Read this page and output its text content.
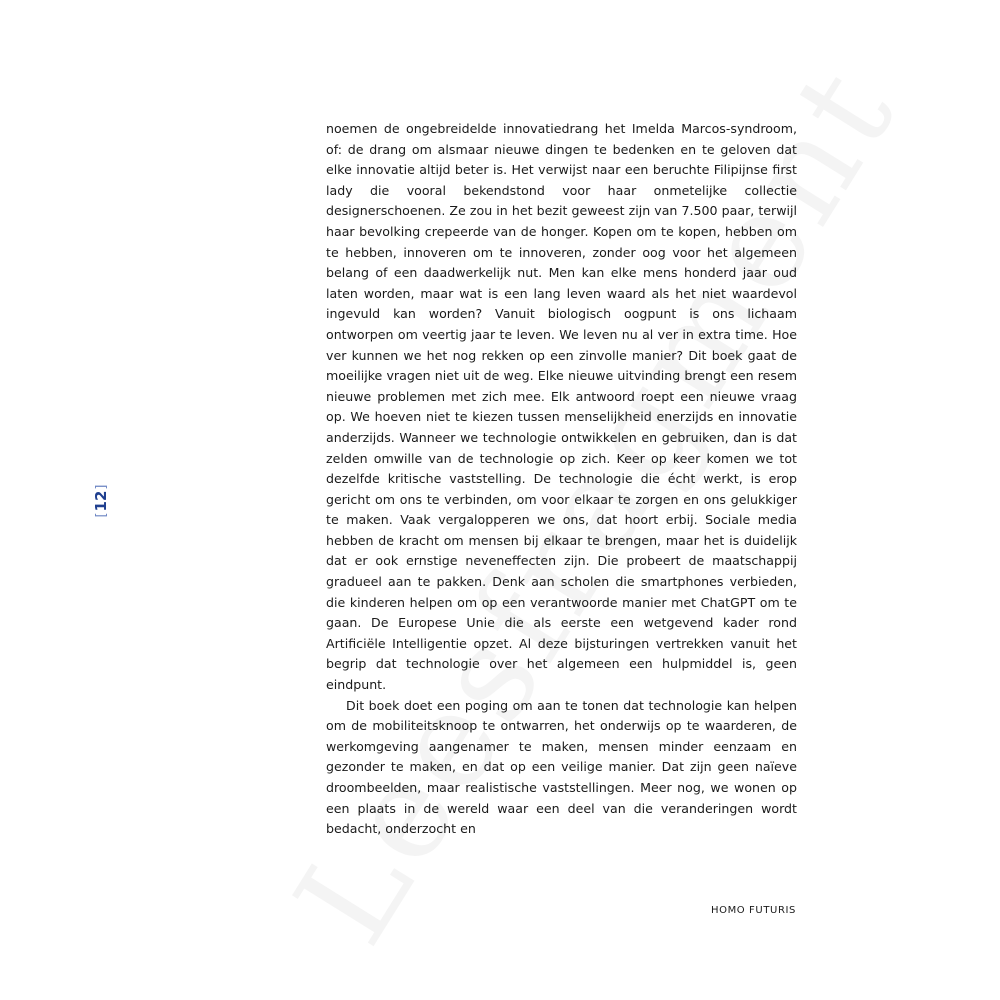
[
12
]

noemen de ongebreidelde innovatiedrang het Imelda Marcos-syndroom, of: de drang om alsmaar nieuwe dingen te bedenken en te geloven dat elke innovatie altijd beter is. Het verwijst naar een beruchte Filipijnse first lady die vooral bekendstond voor haar onmetelijke collectie designerschoenen. Ze zou in het bezit geweest zijn van 7.500 paar, terwijl haar bevolking crepeerde van de honger. Kopen om te kopen, hebben om te hebben, innoveren om te innoveren, zonder oog voor het algemeen belang of een daadwerkelijk nut. Men kan elke mens honderd jaar oud laten worden, maar wat is een lang leven waard als het niet waardevol ingevuld kan worden? Vanuit biologisch oogpunt is ons lichaam ontworpen om veertig jaar te leven. We leven nu al ver in extra time. Hoe ver kunnen we het nog rekken op een zinvolle manier? Dit boek gaat de moeilijke vragen niet uit de weg. Elke nieuwe uitvinding brengt een resem nieuwe problemen met zich mee. Elk antwoord roept een nieuwe vraag op. We hoeven niet te kiezen tussen menselijkheid enerzijds en innovatie anderzijds. Wanneer we technologie ontwikkelen en gebruiken, dan is dat zelden omwille van de technologie op zich. Keer op keer komen we tot dezelfde kritische vaststelling. De technologie die écht werkt, is erop gericht om ons te verbinden, om voor elkaar te zorgen en ons gelukkiger te maken. Vaak vergalopperen we ons, dat hoort erbij. Sociale media hebben de kracht om mensen bij elkaar te brengen, maar het is duidelijk dat er ook ernstige neveneffecten zijn. Die probeert de maatschappij gradueel aan te pakken. Denk aan scholen die smartphones verbieden, die kinderen helpen om op een verantwoorde manier met ChatGPT om te gaan. De Europese Unie die als eerste een wetgevend kader rond Artificiële Intelligentie opzet. Al deze bijsturingen vertrekken vanuit het begrip dat technologie over het algemeen een hulpmiddel is, geen eindpunt.

Dit boek doet een poging om aan te tonen dat technologie kan helpen om de mobiliteitsknoop te ontwarren, het onderwijs op te waarderen, de werkomgeving aangenamer te maken, mensen minder eenzaam en gezonder te maken, en dat op een veilige manier. Dat zijn geen naïeve droombeelden, maar realistische vaststellingen. Meer nog, we wonen op een plaats in de wereld waar een deel van die veranderingen wordt bedacht, onderzocht en

HOMO FUTURIS
